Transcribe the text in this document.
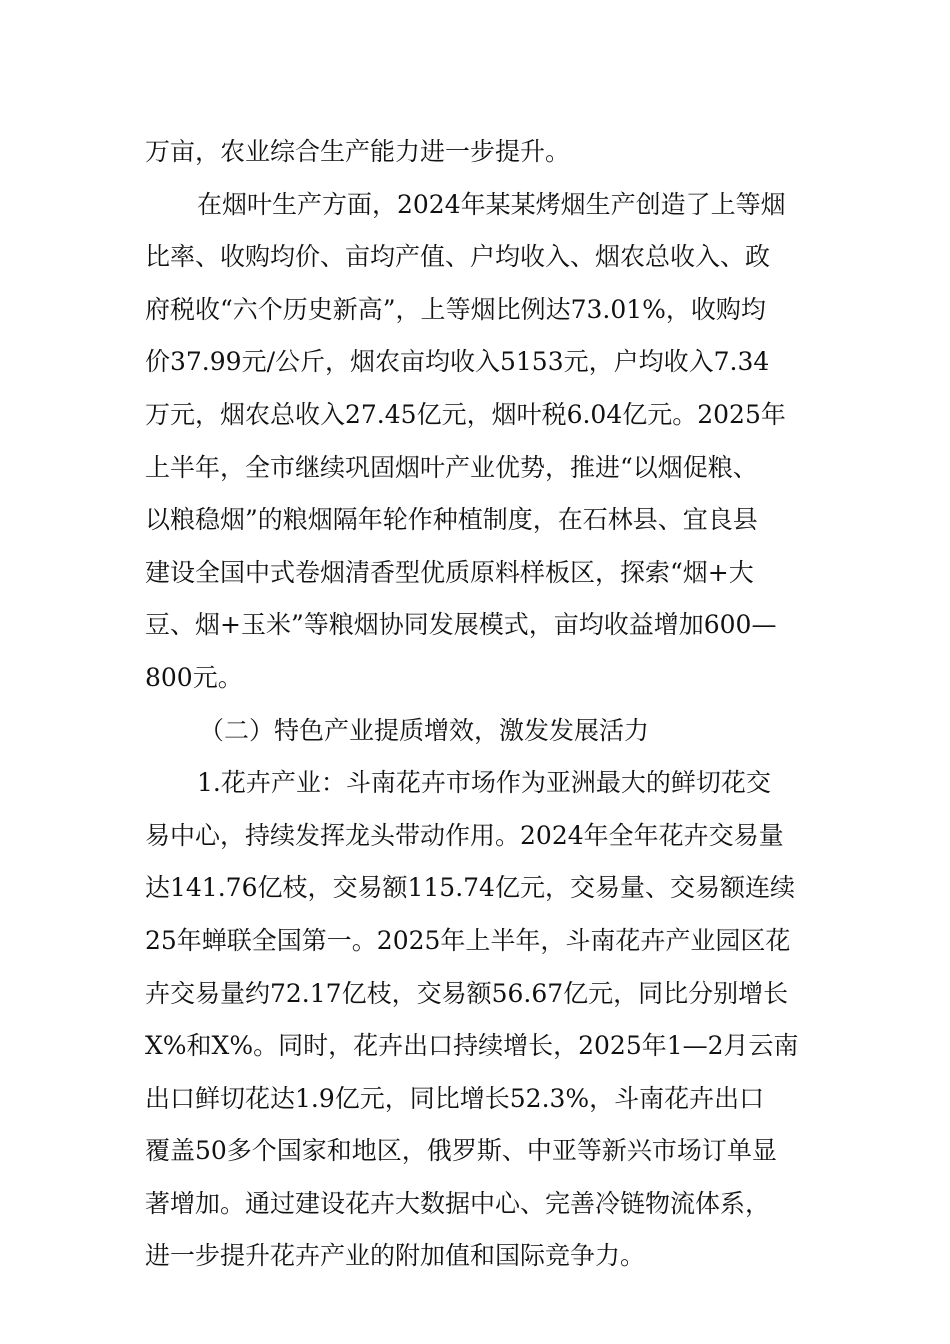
万亩，农业综合生产能力进一步提升。
在烟叶生产方面，2024年某某烤烟生产创造了上等烟
比率、收购均价、亩均产值、户均收入、烟农总收入、政
府税收“六个历史新高”，上等烟比例达73.01%，收购均
价37.99元/公斤，烟农亩均收入5153元，户均收入7.34
万元，烟农总收入27.45亿元，烟叶税6.04亿元。2025年
上半年，全市继续巩固烟叶产业优势，推进“以烟促粮、
以粮稳烟”的粮烟隔年轮作种植制度，在石林县、宜良县
建设全国中式卷烟清香型优质原料样板区，探索“烟+大
豆、烟+玉米”等粮烟协同发展模式，亩均收益增加600—
800元。
（二）特色产业提质增效，激发发展活力
1.花卉产业：斗南花卉市场作为亚洲最大的鲜切花交
易中心，持续发挥龙头带动作用。2024年全年花卉交易量
达141.76亿枝，交易额115.74亿元，交易量、交易额连续
25年蝉联全国第一。2025年上半年，斗南花卉产业园区花
卉交易量约72.17亿枝，交易额56.67亿元，同比分别增长
X%和X%。同时，花卉出口持续增长，2025年1—2月云南
出口鲜切花达1.9亿元，同比增长52.3%，斗南花卉出口
覆盖50多个国家和地区，俄罗斯、中亚等新兴市场订单显
著增加。通过建设花卉大数据中心、完善冷链物流体系，
进一步提升花卉产业的附加值和国际竞争力。
